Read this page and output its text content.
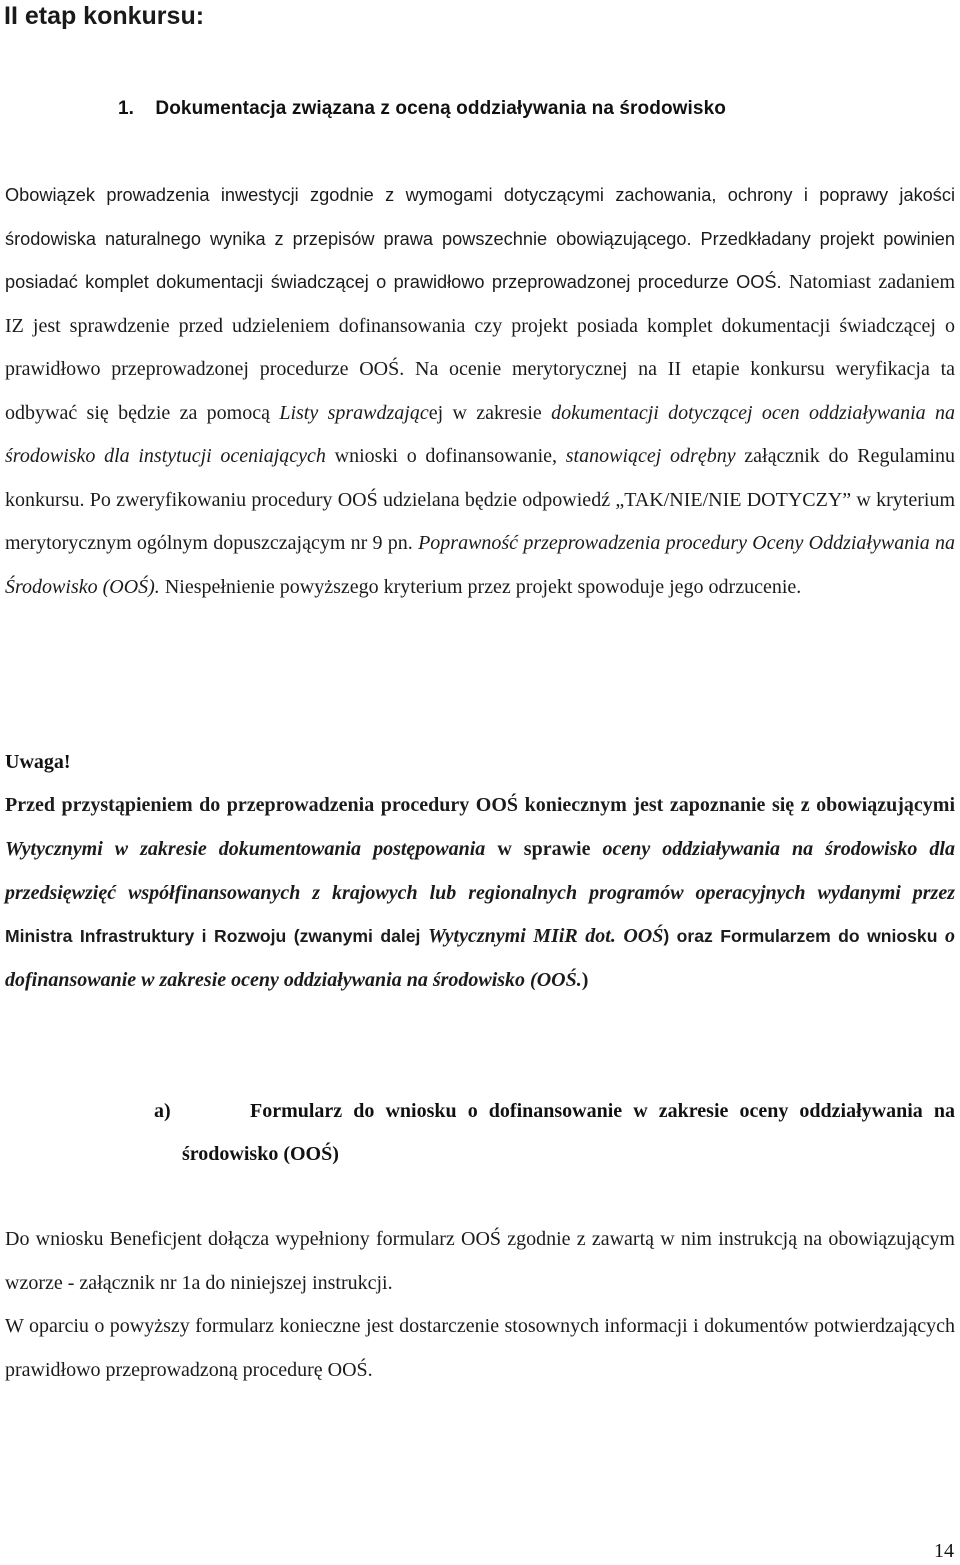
II etap konkursu:
1. Dokumentacja związana z oceną oddziaływania na środowisko

Obowiązek prowadzenia inwestycji zgodnie z wymogami dotyczącymi zachowania, ochrony i poprawy jakości środowiska naturalnego wynika z przepisów prawa powszechnie obowiązującego. Przedkładany projekt powinien posiadać komplet dokumentacji świadczącej o prawidłowo przeprowadzonej procedurze OOŚ. Natomiast zadaniem IZ jest sprawdzenie przed udzieleniem dofinansowania czy projekt posiada komplet dokumentacji świadczącej o prawidłowo przeprowadzonej procedurze OOŚ. Na ocenie merytorycznej na II etapie konkursu weryfikacja ta odbywać się będzie za pomocą Listy sprawdzającej w zakresie dokumentacji dotyczącej ocen oddziaływania na środowisko dla instytucji oceniających wnioski o dofinansowanie, stanowiącej odrębny załącznik do Regulaminu konkursu. Po zweryfikowaniu procedury OOŚ udzielana będzie odpowiedź „TAK/NIE/NIE DOTYCZY” w kryterium merytorycznym ogólnym dopuszczającym nr 9 pn. Poprawność przeprowadzenia procedury Oceny Oddziaływania na Środowisko (OOŚ). Niespełnienie powyższego kryterium przez projekt spowoduje jego odrzucenie.

Uwaga!

Przed przystąpieniem do przeprowadzenia procedury OOŚ koniecznym jest zapoznanie się z obowiązującymi Wytycznymi w zakresie dokumentowania postępowania w sprawie oceny oddziaływania na środowisko dla przedsięwzięć współfinansowanych z krajowych lub regionalnych programów operacyjnych wydanymi przez Ministra Infrastruktury i Rozwoju (zwanymi dalej Wytycznymi MIiR dot. OOŚ) oraz Formularzem do wniosku o dofinansowanie w zakresie oceny oddziaływania na środowisko (OOŚ.)

a)	Formularz do wniosku o dofinansowanie w zakresie oceny oddziaływania na środowisko (OOŚ)

Do wniosku Beneficjent dołącza wypełniony formularz OOŚ zgodnie z zawartą w nim instrukcją na obowiązującym wzorze - załącznik nr 1a do niniejszej instrukcji.

W oparciu o powyższy formularz konieczne jest dostarczenie stosownych informacji i dokumentów potwierdzających prawidłowo przeprowadzoną procedurę OOŚ.

14
